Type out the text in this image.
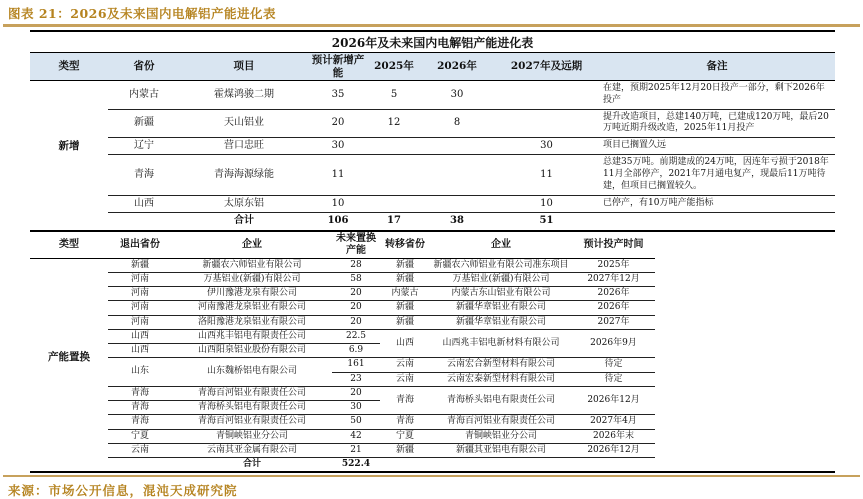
图表 21：2026及未来国内电解铝产能进化表
2026年及未来国内电解铝产能进化表
类型	省份	项目	预计新增产能	2025年	2026年	2027年及远期	备注
新增	内蒙古	霍煤鸿骏二期	35	5	30		在建，预期2025年12月20日投产一部分，剩下2026年投产
	新疆	天山铝业	20	12	8		提升改造项目，总建140万吨，已建成120万吨，最后20万吨近期升级改造，2025年11月投产
	辽宁	营口忠旺	30			30	项目已搁置久远
	青海	青海海源绿能	11			11	总建35万吨。前期建成的24万吨，因连年亏损于2018年11月全部停产，2021年7月通电复产，现最后11万吨待建，但项目已搁置较久。
	山西	太原东铝	10			10	已停产，有10万吨产能指标
		合计	106	17	38	51	
类型	退出省份	企业	未来置换产能	转移省份	企业	预计投产时间
产能置换	新疆	新疆农六师铝业有限公司	28	新疆	新疆农六师铝业有限公司准东项目	2025年
	河南	万基铝业(新疆)有限公司	58	新疆	万基铝业(新疆)有限公司	2027年12月
	河南	伊川豫港龙泉有限公司	20	内蒙古	内蒙古东山铝业有限公司	2026年
	河南	河南豫港龙泉铝业有限公司	20	新疆	新疆华章铝业有限公司	2026年
	河南	洛阳豫港龙泉铝业有限公司	20	新疆	新疆华章铝业有限公司	2027年
	山西	山西兆丰铝电有限责任公司	22.5	山西	山西兆丰铝电新材料有限公司	2026年9月
	山西	山西阳泉铝业股份有限公司	6.9			
	山东	山东魏桥铝电有限公司	161	云南	云南宏合新型材料有限公司	待定
			23	云南	云南宏泰新型材料有限公司	待定
	青海	青海百河铝业有限责任公司	20	青海	青海桥头铝电有限责任公司	2026年12月
	青海	青海桥头铝电有限责任公司	30			
	青海	青海百河铝业有限责任公司	50	青海	青海百河铝业有限责任公司	2027年4月
	宁夏	青铜峡铝业分公司	42	宁夏	青铜峡铝业分公司	2026年末
	云南	云南其亚金属有限公司	21	新疆	新疆其亚铝电有限公司	2026年12月
		合计	522.4			
来源：市场公开信息，混沌天成研究院
